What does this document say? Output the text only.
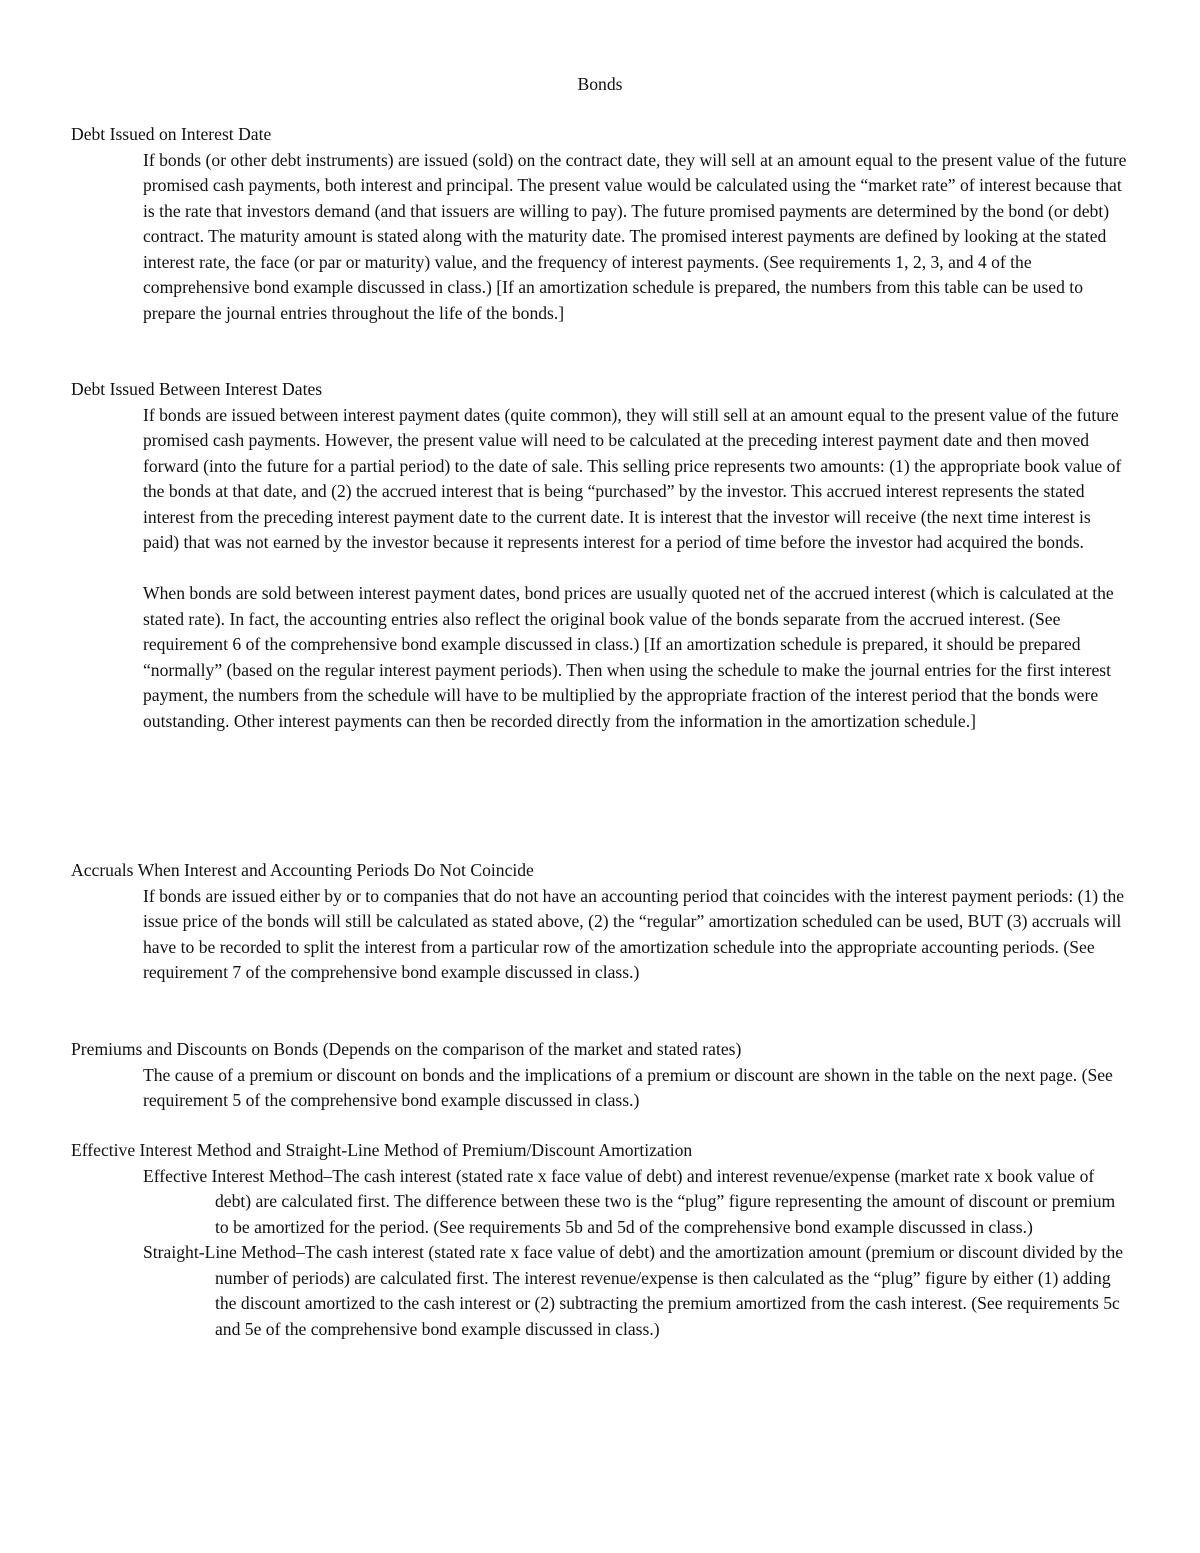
Bonds
Debt Issued on Interest Date

If bonds (or other debt instruments) are issued (sold) on the contract date, they will sell at an amount equal to the present value of the future promised cash payments, both interest and principal. The present value would be calculated using the “market rate” of interest because that is the rate that investors demand (and that issuers are willing to pay). The future promised payments are determined by the bond (or debt) contract. The maturity amount is stated along with the maturity date. The promised interest payments are defined by looking at the stated interest rate, the face (or par or maturity) value, and the frequency of interest payments. (See requirements 1, 2, 3, and 4 of the comprehensive bond example discussed in class.) [If an amortization schedule is prepared, the numbers from this table can be used to prepare the journal entries throughout the life of the bonds.]

Debt Issued Between Interest Dates

If bonds are issued between interest payment dates (quite common), they will still sell at an amount equal to the present value of the future promised cash payments. However, the present value will need to be calculated at the preceding interest payment date and then moved forward (into the future for a partial period) to the date of sale. This selling price represents two amounts: (1) the appropriate book value of the bonds at that date, and (2) the accrued interest that is being “purchased” by the investor. This accrued interest represents the stated interest from the preceding interest payment date to the current date. It is interest that the investor will receive (the next time interest is paid) that was not earned by the investor because it represents interest for a period of time before the investor had acquired the bonds.

When bonds are sold between interest payment dates, bond prices are usually quoted net of the accrued interest (which is calculated at the stated rate). In fact, the accounting entries also reflect the original book value of the bonds separate from the accrued interest. (See requirement 6 of the comprehensive bond example discussed in class.) [If an amortization schedule is prepared, it should be prepared “normally” (based on the regular interest payment periods). Then when using the schedule to make the journal entries for the first interest payment, the numbers from the schedule will have to be multiplied by the appropriate fraction of the interest period that the bonds were outstanding. Other interest payments can then be recorded directly from the information in the amortization schedule.]

Accruals When Interest and Accounting Periods Do Not Coincide

If bonds are issued either by or to companies that do not have an accounting period that coincides with the interest payment periods: (1) the issue price of the bonds will still be calculated as stated above, (2) the “regular” amortization scheduled can be used, BUT (3) accruals will have to be recorded to split the interest from a particular row of the amortization schedule into the appropriate accounting periods. (See requirement 7 of the comprehensive bond example discussed in class.)

Premiums and Discounts on Bonds (Depends on the comparison of the market and stated rates)

The cause of a premium or discount on bonds and the implications of a premium or discount are shown in the table on the next page. (See requirement 5 of the comprehensive bond example discussed in class.)

Effective Interest Method and Straight-Line Method of Premium/Discount Amortization

Effective Interest Method–The cash interest (stated rate x face value of debt) and interest revenue/expense (market rate x book value of debt) are calculated first. The difference between these two is the “plug” figure representing the amount of discount or premium to be amortized for the period. (See requirements 5b and 5d of the comprehensive bond example discussed in class.)

Straight-Line Method–The cash interest (stated rate x face value of debt) and the amortization amount (premium or discount divided by the number of periods) are calculated first. The interest revenue/expense is then calculated as the “plug” figure by either (1) adding the discount amortized to the cash interest or (2) subtracting the premium amortized from the cash interest. (See requirements 5c and 5e of the comprehensive bond example discussed in class.)
